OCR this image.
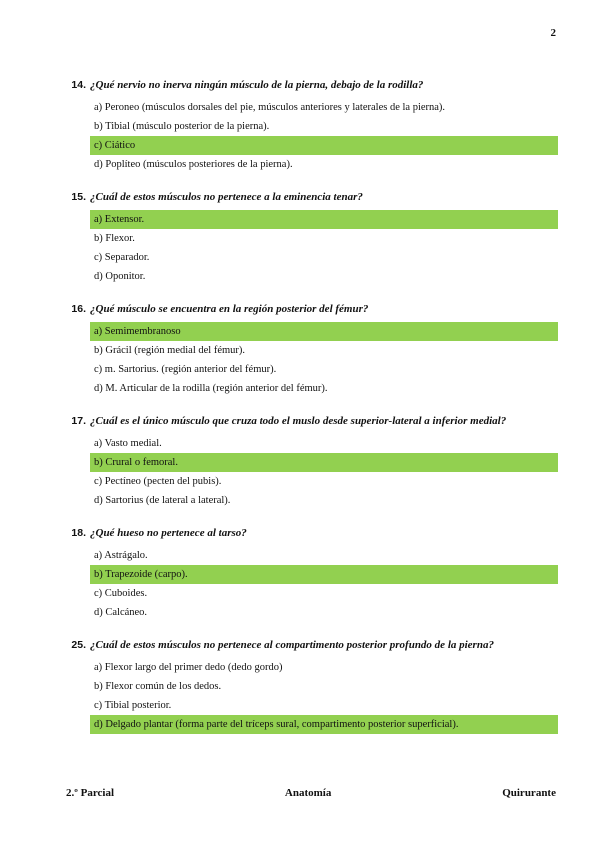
2
14. ¿Qué nervio no inerva ningún músculo de la pierna, debajo de la rodilla?
a) Peroneo (músculos dorsales del pie, músculos anteriores y laterales de la pierna).
b) Tibial (músculo posterior de la pierna).
c) Ciático
d) Poplíteo (músculos posteriores de la pierna).
15. ¿Cuál de estos músculos no pertenece a la eminencia tenar?
a) Extensor.
b) Flexor.
c) Separador.
d) Oponitor.
16. ¿Qué músculo se encuentra en la región posterior del fémur?
a) Semimembranoso
b) Grácil (región medial del fémur).
c) m. Sartorius. (región anterior del fémur).
d) M. Articular de la rodilla (región anterior del fémur).
17. ¿Cuál es el único músculo que cruza todo el muslo desde superior-lateral a inferior medial?
a) Vasto medial.
b) Crural o femoral.
c) Pectíneo (pecten del pubis).
d) Sartorius (de lateral a lateral).
18. ¿Qué hueso no pertenece al tarso?
a) Astrágalo.
b) Trapezoide (carpo).
c) Cuboides.
d) Calcáneo.
25. ¿Cuál de estos músculos no pertenece al compartimento posterior profundo de la pierna?
a) Flexor largo del primer dedo (dedo gordo)
b) Flexor común de los dedos.
c) Tibial posterior.
d) Delgado plantar (forma parte del tríceps sural, compartimento posterior superficial).
2.º Parcial	Anatomía	Quirurante
